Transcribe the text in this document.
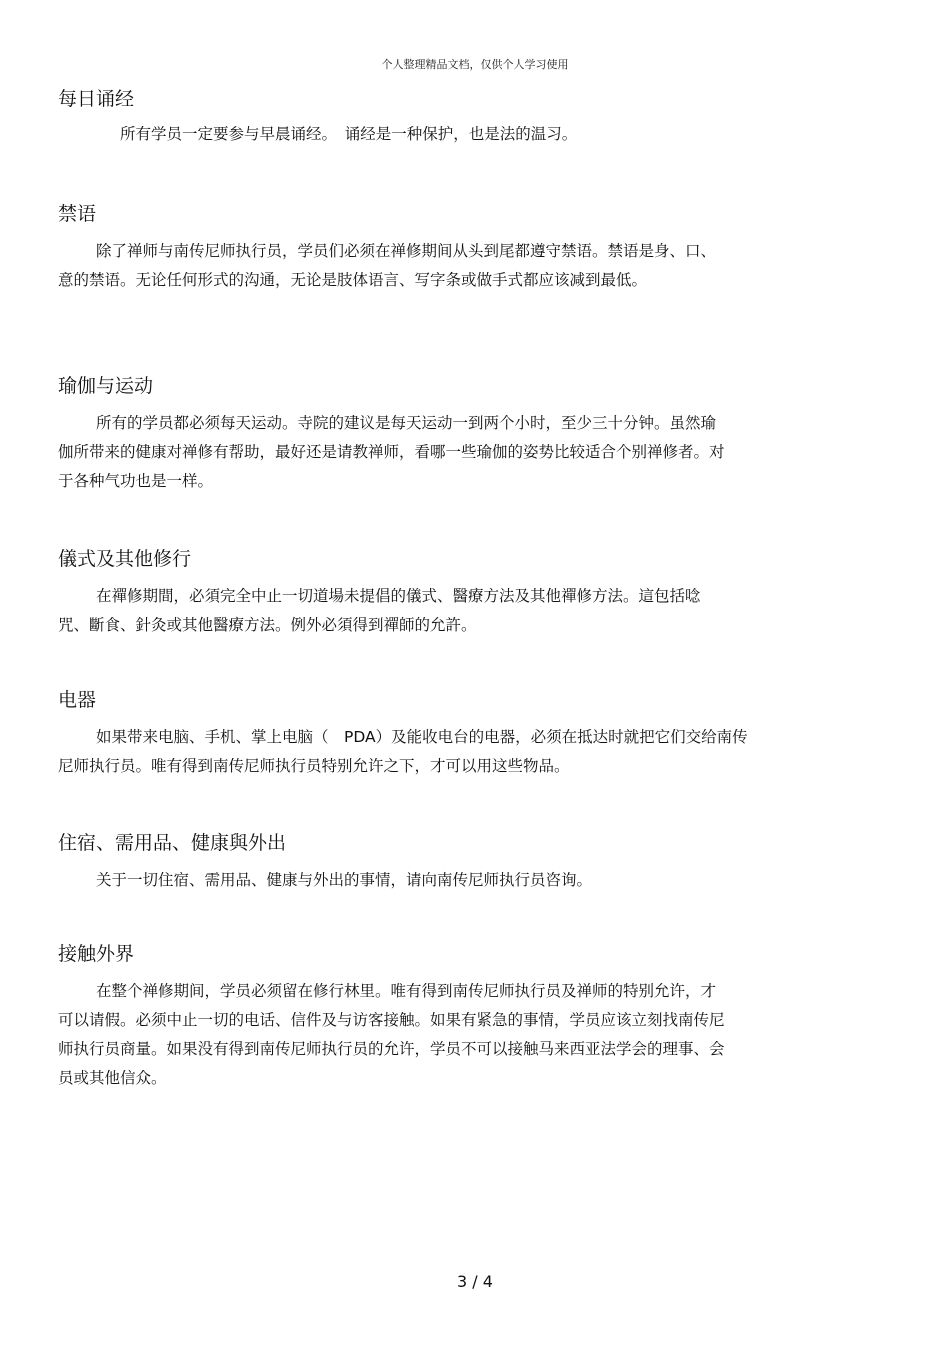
个人整理精品文档，仅供个人学习使用
每日诵经

所有学员一定要参与早晨诵经。　诵经是一种保护，也是法的温习。

禁语

除了禅师与南传尼师执行员，学员们必须在禅修期间从头到尾都遵守禁语。禁语是身、口、
意的禁语。无论任何形式的沟通，无论是肢体语言、写字条或做手式都应该减到最低。

瑜伽与运动

所有的学员都必须每天运动。寺院的建议是每天运动一到两个小时，至少三十分钟。虽然瑜
伽所带来的健康对禅修有帮助，最好还是请教禅师，看哪一些瑜伽的姿势比较适合个别禅修者。对
于各种气功也是一样。

儀式及其他修行

在禪修期間，必須完全中止一切道場未提倡的儀式、醫療方法及其他禪修方法。這包括唸
咒、斷食、針灸或其他醫療方法。例外必須得到禪師的允許。

电器

如果带来电脑、手机、掌上电脑（　PDA）及能收电台的电器，必须在抵达时就把它们交给南传
尼师执行员。唯有得到南传尼师执行员特别允许之下，才可以用这些物品。

住宿、需用品、健康與外出

关于一切住宿、需用品、健康与外出的事情，请向南传尼师执行员咨询。

接触外界

在整个禅修期间，学员必须留在修行林里。唯有得到南传尼师执行员及禅师的特别允许，才
可以请假。必须中止一切的电话、信件及与访客接触。如果有紧急的事情，学员应该立刻找南传尼
师执行员商量。如果没有得到南传尼师执行员的允许，学员不可以接触马来西亚法学会的理事、会
员或其他信众。

3 / 4
